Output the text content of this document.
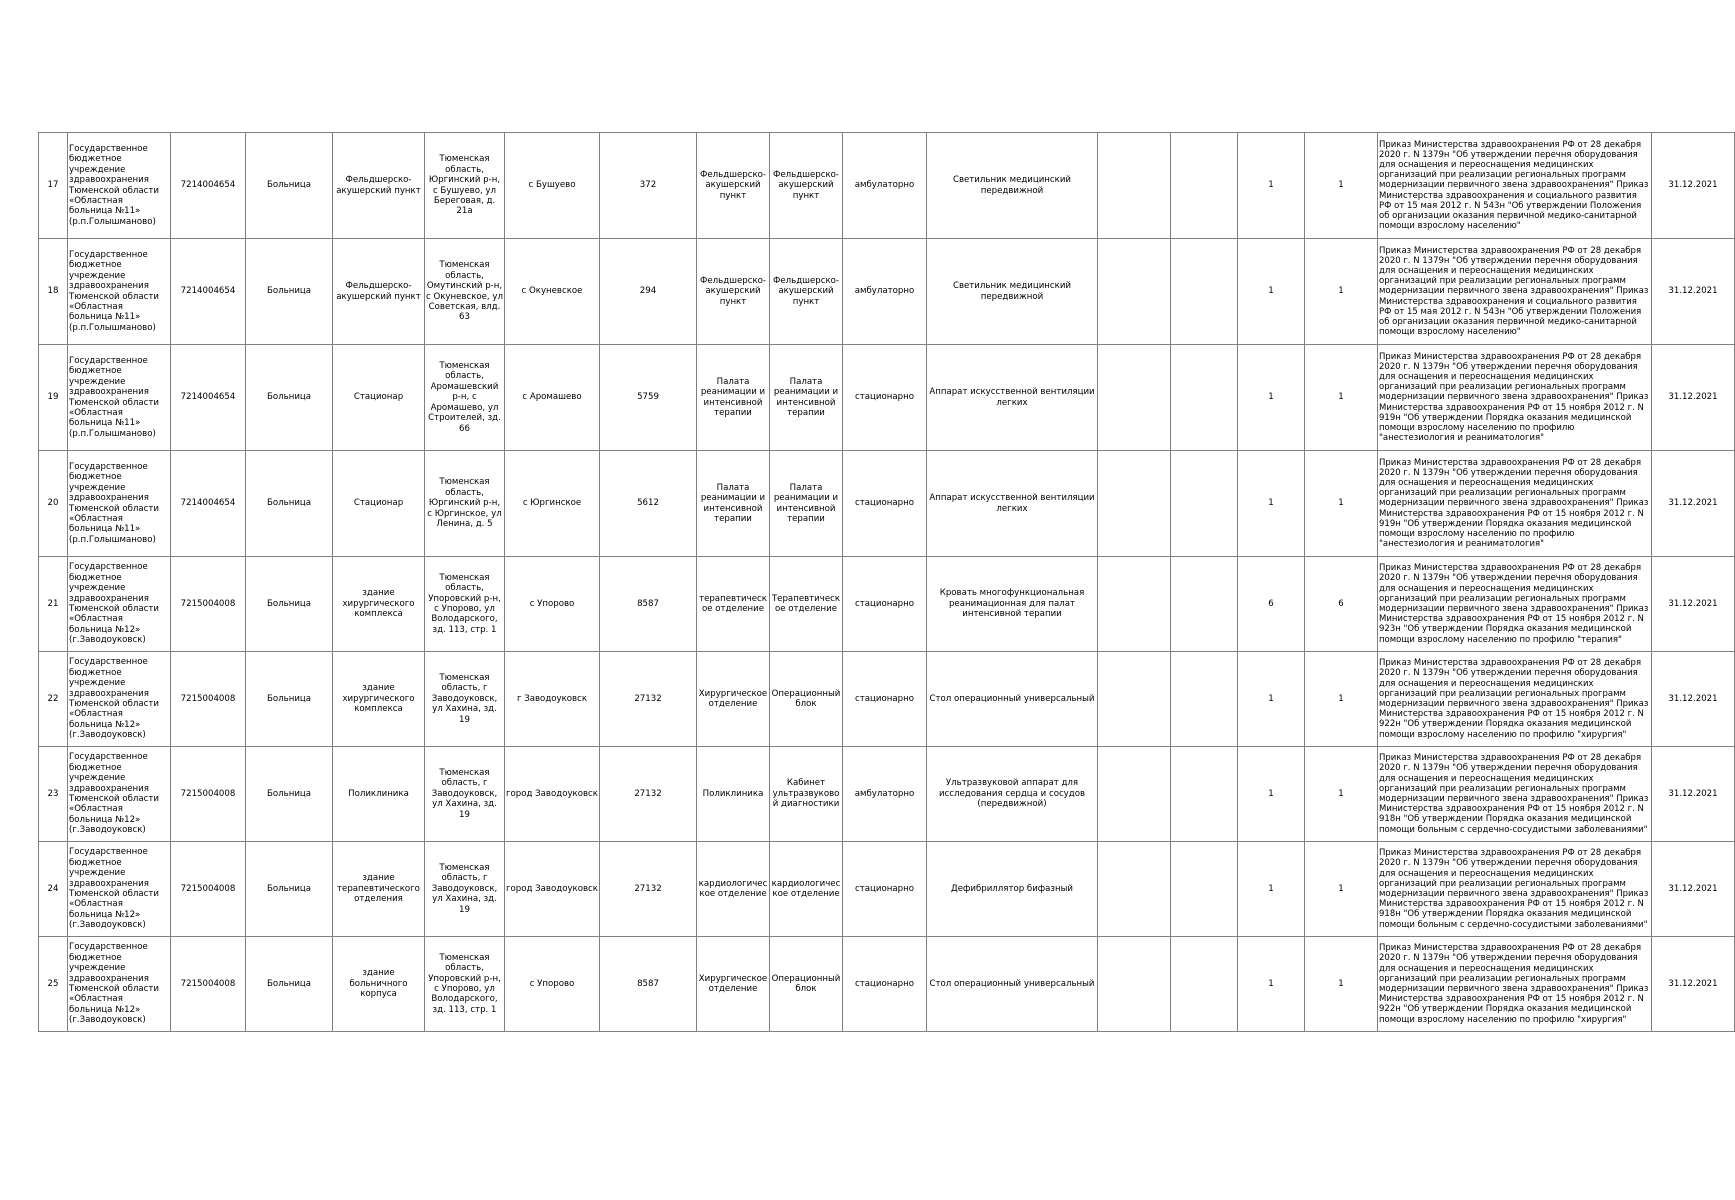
17	Государственное бюджетное учреждение здравоохранения Тюменской области «Областная больница №11» (р.п.Голышманово)	7214004654	Больница	Фельдшерско-акушерский пункт	Тюменская область, Юргинский р-н, с Бушуево, ул Береговая, д. 21а	с Бушуево	372	Фельдшерско-акушерский пункт	Фельдшерско-акушерский пункт	амбулаторно	Светильник медицинский передвижной			1	1	Приказ Министерства здравоохранения РФ от 28 декабря 2020 г. N 1379н "Об утверждении перечня оборудования для оснащения и переоснащения медицинских организаций при реализации региональных программ модернизации первичного звена здравоохранения" Приказ Министерства здравоохранения и социального развития РФ от 15 мая 2012 г. N 543н "Об утверждении Положения об организации оказания первичной медико-санитарной помощи взрослому населению"	31.12.2021
18	Государственное бюджетное учреждение здравоохранения Тюменской области «Областная больница №11» (р.п.Голышманово)	7214004654	Больница	Фельдшерско-акушерский пункт	Тюменская область, Омутинский р-н, с Окуневское, ул Советская, влд. 63	с Окуневское	294	Фельдшерско-акушерский пункт	Фельдшерско-акушерский пункт	амбулаторно	Светильник медицинский передвижной			1	1	Приказ Министерства здравоохранения РФ от 28 декабря 2020 г. N 1379н "Об утверждении перечня оборудования для оснащения и переоснащения медицинских организаций при реализации региональных программ модернизации первичного звена здравоохранения" Приказ Министерства здравоохранения и социального развития РФ от 15 мая 2012 г. N 543н "Об утверждении Положения об организации оказания первичной медико-санитарной помощи взрослому населению"	31.12.2021
19	Государственное бюджетное учреждение здравоохранения Тюменской области «Областная больница №11» (р.п.Голышманово)	7214004654	Больница	Стационар	Тюменская область, Аромашевский р-н, с Аромашево, ул Строителей, зд. 66	с Аромашево	5759	Палата реанимации и интенсивной терапии	Палата реанимации и интенсивной терапии	стационарно	Аппарат искусственной вентиляции легких			1	1	Приказ Министерства здравоохранения РФ от 28 декабря 2020 г. N 1379н "Об утверждении перечня оборудования для оснащения и переоснащения медицинских организаций при реализации региональных программ модернизации первичного звена здравоохранения" Приказ Министерства здравоохранения РФ от 15 ноября 2012 г. N 919н "Об утверждении Порядка оказания медицинской помощи взрослому населению по профилю "анестезиология и реаниматология"	31.12.2021
20	Государственное бюджетное учреждение здравоохранения Тюменской области «Областная больница №11» (р.п.Голышманово)	7214004654	Больница	Стационар	Тюменская область, Юргинский р-н, с Юргинское, ул Ленина, д. 5	с Юргинское	5612	Палата реанимации и интенсивной терапии	Палата реанимации и интенсивной терапии	стационарно	Аппарат искусственной вентиляции легких			1	1	Приказ Министерства здравоохранения РФ от 28 декабря 2020 г. N 1379н "Об утверждении перечня оборудования для оснащения и переоснащения медицинских организаций при реализации региональных программ модернизации первичного звена здравоохранения" Приказ Министерства здравоохранения РФ от 15 ноября 2012 г. N 919н "Об утверждении Порядка оказания медицинской помощи взрослому населению по профилю "анестезиология и реаниматология"	31.12.2021
21	Государственное бюджетное учреждение здравоохранения Тюменской области «Областная больница №12» (г.Заводоуковск)	7215004008	Больница	здание хирургического комплекса	Тюменская область, Упоровский р-н, с Упорово, ул Володарского, зд. 113, стр. 1	с Упорово	8587	терапевтическое отделение	Терапевтическое отделение	стационарно	Кровать многофункциональная реанимационная для палат интенсивной терапии			6	6	Приказ Министерства здравоохранения РФ от 28 декабря 2020 г. N 1379н "Об утверждении перечня оборудования для оснащения и переоснащения медицинских организаций при реализации региональных программ модернизации первичного звена здравоохранения" Приказ Министерства здравоохранения РФ от 15 ноября 2012 г. N 923н "Об утверждении Порядка оказания медицинской помощи взрослому населению по профилю "терапия"	31.12.2021
22	Государственное бюджетное учреждение здравоохранения Тюменской области «Областная больница №12» (г.Заводоуковск)	7215004008	Больница	здание хирургического комплекса	Тюменская область, г Заводоуковск, ул Хахина, зд. 19	г Заводоуковск	27132	Хирургическое отделение	Операционный блок	стационарно	Стол операционный универсальный			1	1	Приказ Министерства здравоохранения РФ от 28 декабря 2020 г. N 1379н "Об утверждении перечня оборудования для оснащения и переоснащения медицинских организаций при реализации региональных программ модернизации первичного звена здравоохранения" Приказ Министерства здравоохранения РФ от 15 ноября 2012 г. N 922н "Об утверждении Порядка оказания медицинской помощи взрослому населению по профилю "хирургия"	31.12.2021
23	Государственное бюджетное учреждение здравоохранения Тюменской области «Областная больница №12» (г.Заводоуковск)	7215004008	Больница	Поликлиника	Тюменская область, г Заводоуковск, ул Хахина, зд. 19	город Заводоуковск	27132	Поликлиника	Кабинет ультразвуковой диагностики	амбулаторно	Ультразвуковой аппарат для исследования сердца и сосудов (передвижной)			1	1	Приказ Министерства здравоохранения РФ от 28 декабря 2020 г. N 1379н "Об утверждении перечня оборудования для оснащения и переоснащения медицинских организаций при реализации региональных программ модернизации первичного звена здравоохранения" Приказ Министерства здравоохранения РФ от 15 ноября 2012 г. N 918н "Об утверждении Порядка оказания медицинской помощи больным с сердечно-сосудистыми заболеваниями"	31.12.2021
24	Государственное бюджетное учреждение здравоохранения Тюменской области «Областная больница №12» (г.Заводоуковск)	7215004008	Больница	здание терапевтического отделения	Тюменская область, г Заводоуковск, ул Хахина, зд. 19	город Заводоуковск	27132	кардиологическое отделение	кардиологическое отделение	стационарно	Дефибриллятор бифазный			1	1	Приказ Министерства здравоохранения РФ от 28 декабря 2020 г. N 1379н "Об утверждении перечня оборудования для оснащения и переоснащения медицинских организаций при реализации региональных программ модернизации первичного звена здравоохранения" Приказ Министерства здравоохранения РФ от 15 ноября 2012 г. N 918н "Об утверждении Порядка оказания медицинской помощи больным с сердечно-сосудистыми заболеваниями"	31.12.2021
25	Государственное бюджетное учреждение здравоохранения Тюменской области «Областная больница №12» (г.Заводоуковск)	7215004008	Больница	здание больничного корпуса	Тюменская область, Упоровский р-н, с Упорово, ул Володарского, зд. 113, стр. 1	с Упорово	8587	Хирургическое отделение	Операционный блок	стационарно	Стол операционный универсальный			1	1	Приказ Министерства здравоохранения РФ от 28 декабря 2020 г. N 1379н "Об утверждении перечня оборудования для оснащения и переоснащения медицинских организаций при реализации региональных программ модернизации первичного звена здравоохранения" Приказ Министерства здравоохранения РФ от 15 ноября 2012 г. N 922н "Об утверждении Порядка оказания медицинской помощи взрослому населению по профилю "хирургия"	31.12.2021
